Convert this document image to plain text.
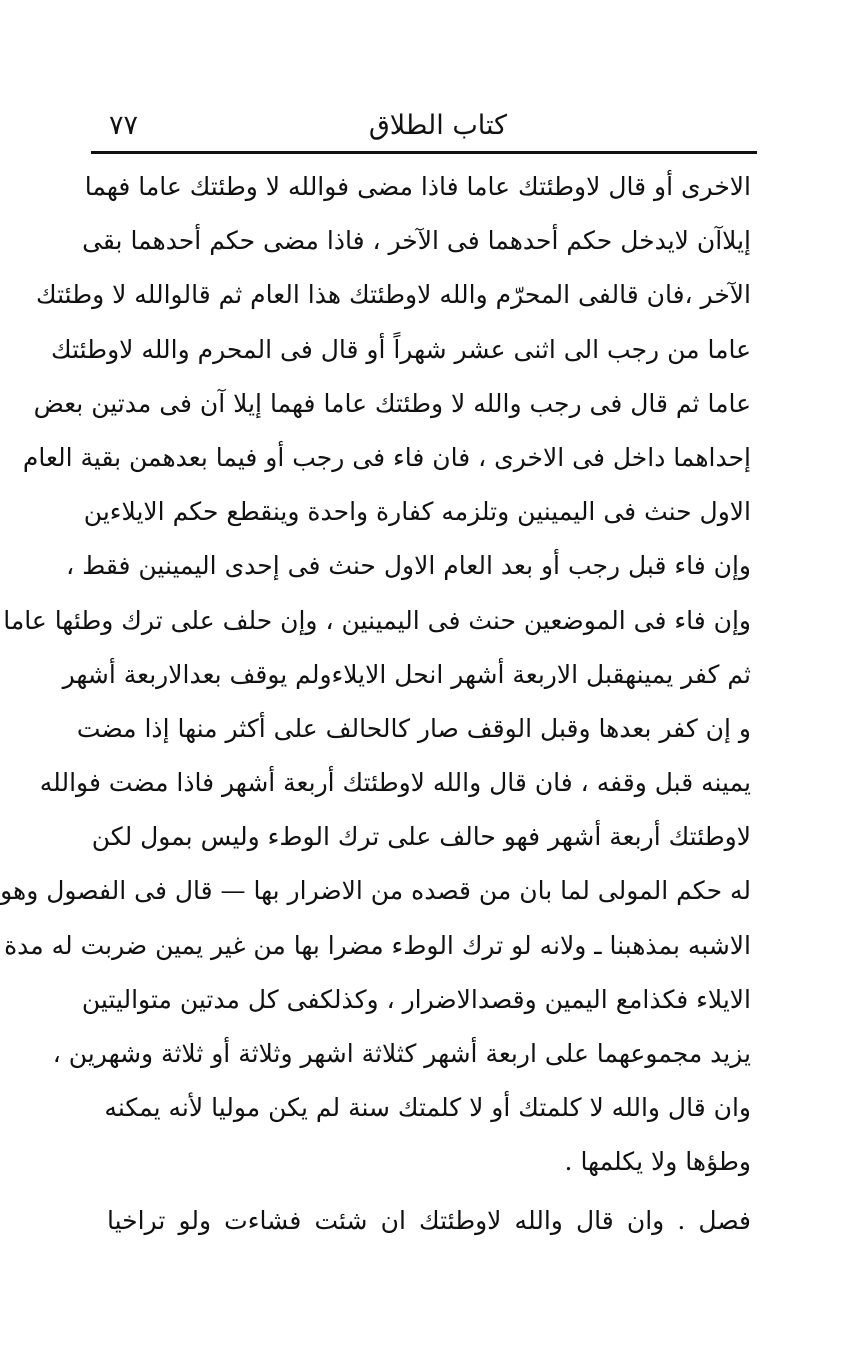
كتاب الطلاق
٧٧
الاخرى أو قال لاوطئتك عاما فاذا مضى فوالله لا وطئتك عاما فهما
إيلاآن لايدخل حكم أحدهما فى الآخر ، فاذا مضى حكم أحدهما بقى
الآخر ،فان قالفى المحرّم والله لاوطئتك هذا العام ثم قالوالله لا وطئتك
عاما من رجب الى اثنى عشر شهراً أو قال فى المحرم والله لاوطئتك
عاما ثم قال فى رجب والله لا وطئتك عاما فهما إيلا آن فى مدتين بعض
إحداهما داخل فى الاخرى ، فان فاء فى رجب أو فيما بعدهمن بقية العام
الاول حنث فى اليمينين وتلزمه كفارة واحدة وينقطع حكم الايلاءين
وإن فاء قبل رجب أو بعد العام الاول حنث فى إحدى اليمينين فقط ،
وإن فاء فى الموضعين حنث فى اليمينين ، وإن حلف على ترك وطئها عاما
ثم كفر يمينهقبل الاربعة أشهر انحل الايلاءولم يوقف بعدالاربعة أشهر
و إن كفر بعدها وقبل الوقف صار كالحالف على أكثر منها إذا مضت
يمينه قبل وقفه ، فان قال والله لاوطئتك أربعة أشهر فاذا مضت فوالله
لاوطئتك أربعة أشهر فهو حالف على ترك الوطء وليس بمول لكن
له حكم المولى لما بان من قصده من الاضرار بها — قال فى الفصول وهو
الاشبه بمذهبنا ـ ولانه لو ترك الوطء مضرا بها من غير يمين ضربت له مدة
الايلاء فكذامع اليمين وقصدالاضرار ، وكذلكفى كل مدتين متواليتين
يزيد مجموعهما على اربعة أشهر كثلاثة اشهر وثلاثة أو ثلاثة وشهرين ،
وان قال والله لا كلمتك أو لا كلمتك سنة لم يكن موليا لأنه يمكنه
وطؤها ولا يكلمها .
فصل . وان قال والله لاوطئتك ان شئت فشاءت ولو تراخيا
